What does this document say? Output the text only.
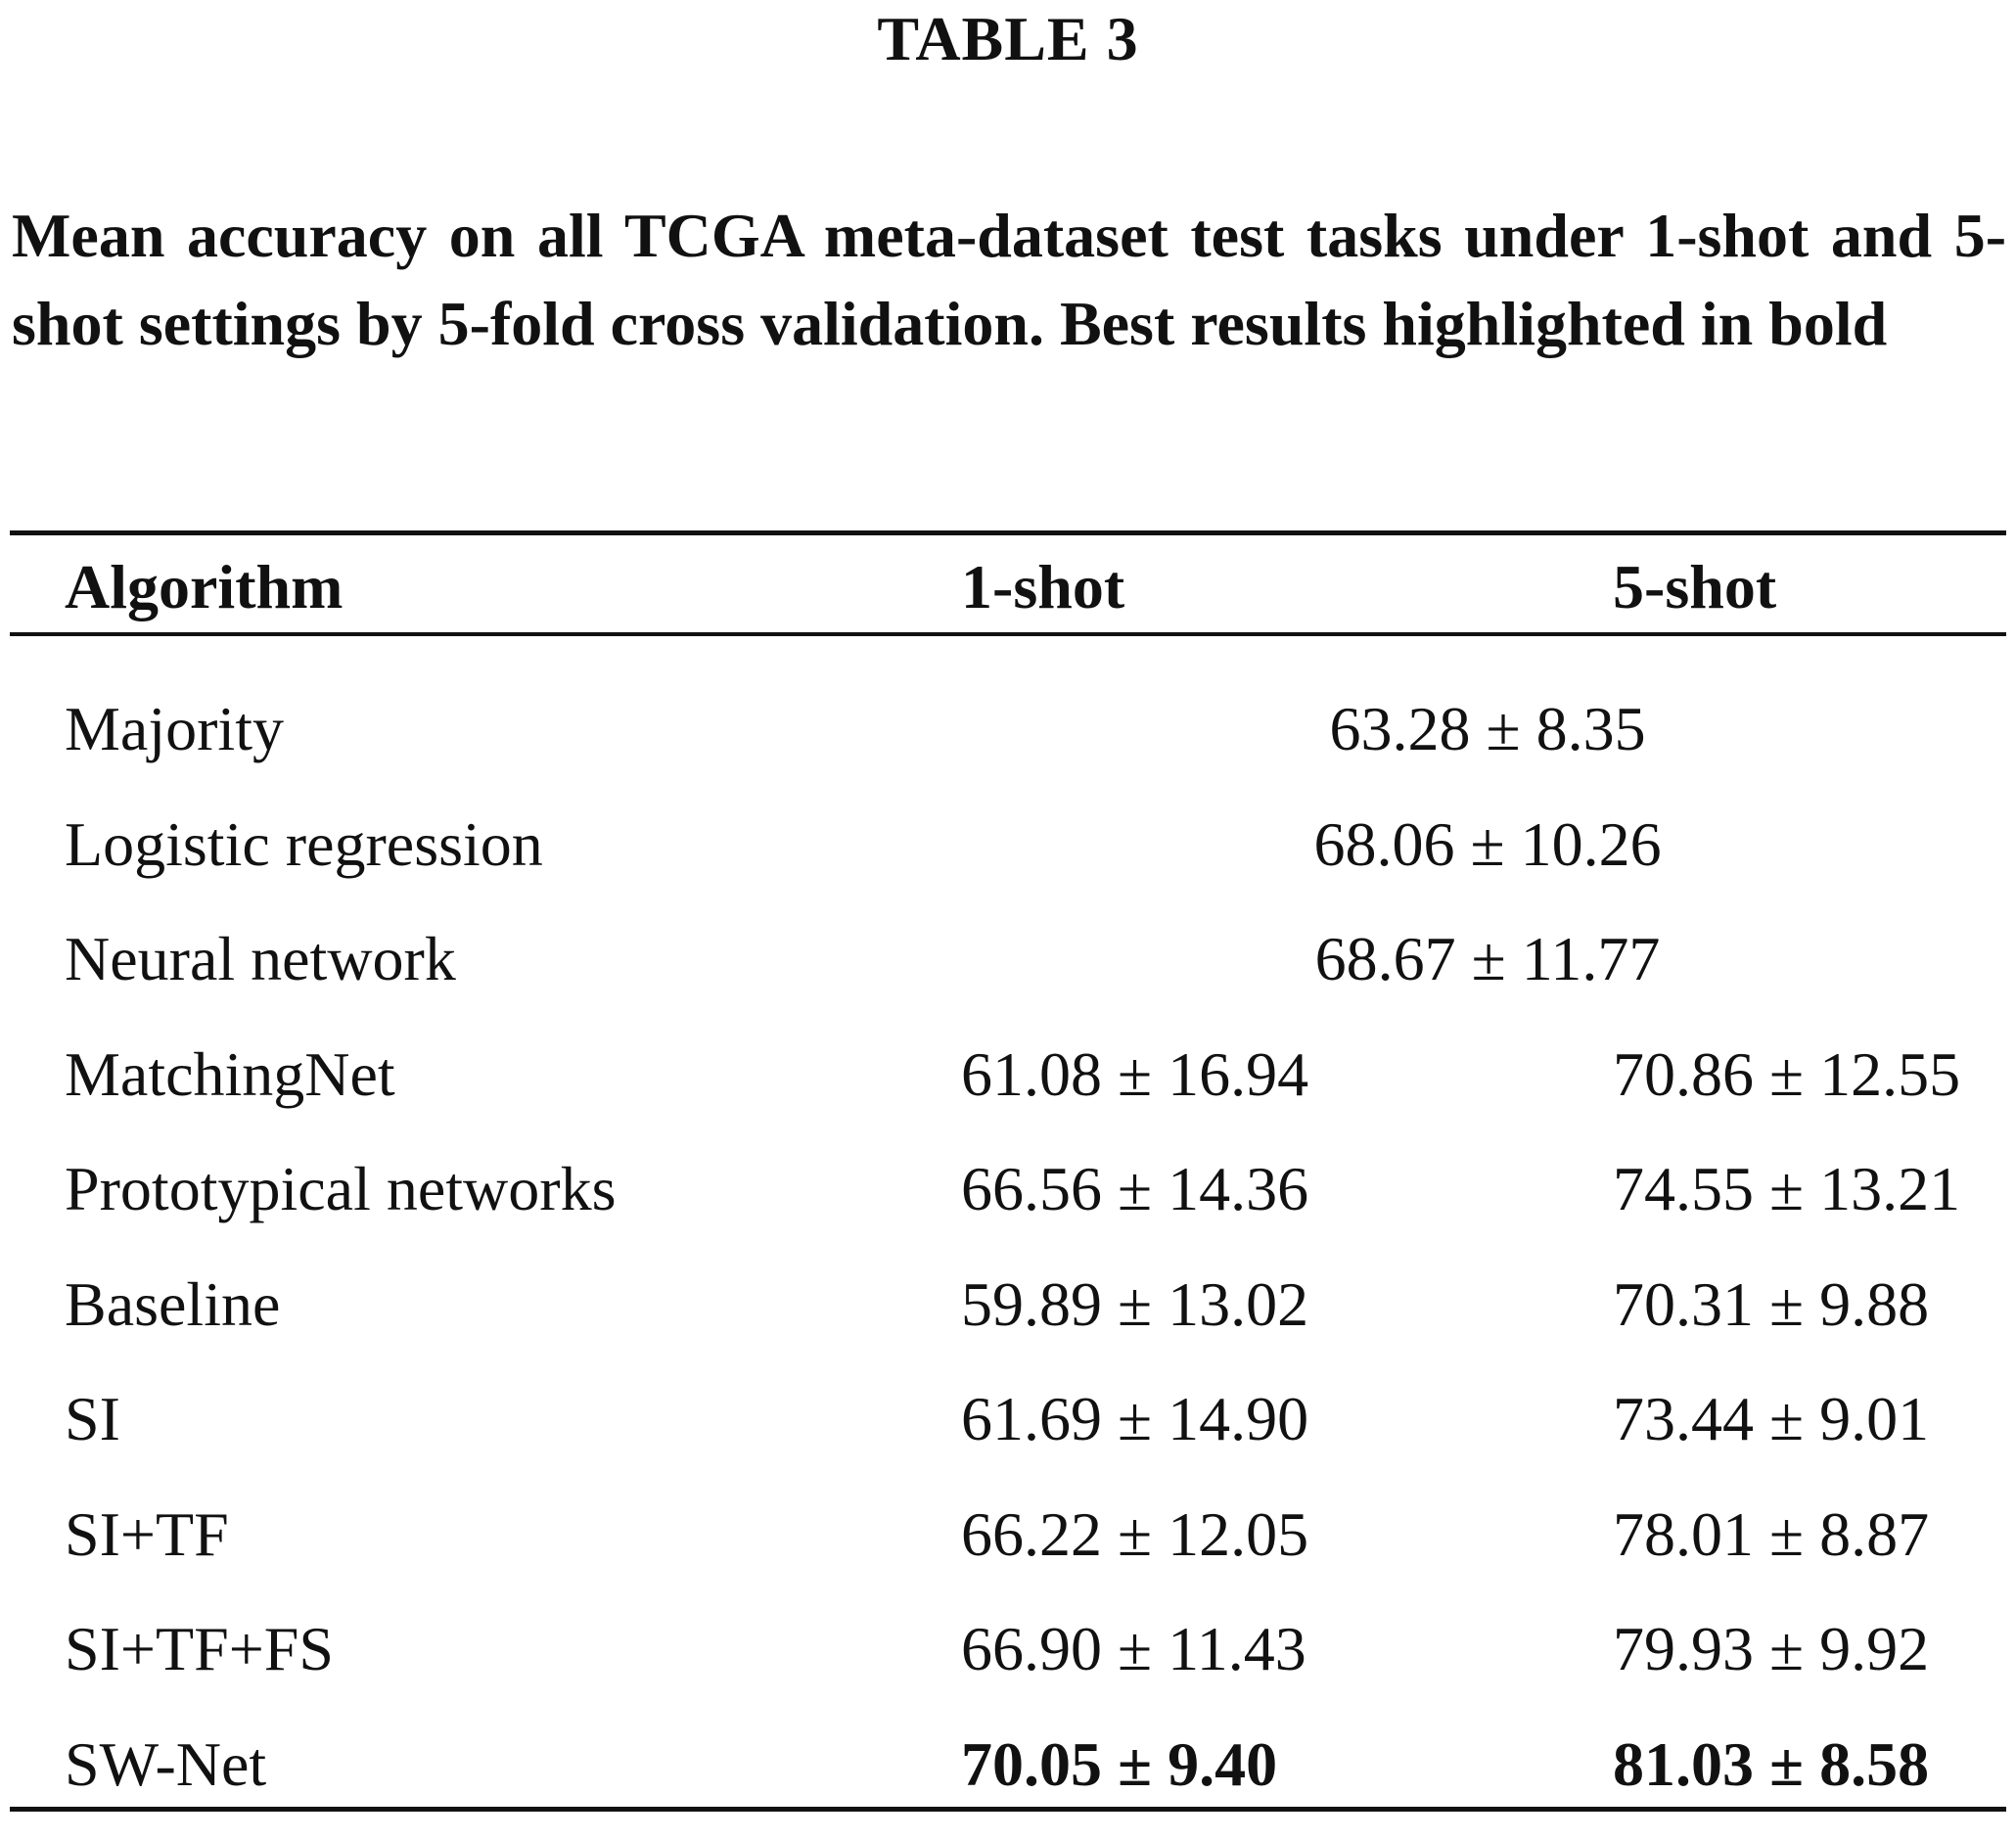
TABLE 3
Mean accuracy on all TCGA meta-dataset test tasks under 1-shot and 5-shot settings by 5-fold cross validation. Best results highlighted in bold
Algorithm	1-shot	5-shot
Majority	63.28 ± 8.35
Logistic regression	68.06 ± 10.26
Neural network	68.67 ± 11.77
MatchingNet	61.08 ± 16.94	70.86 ± 12.55
Prototypical networks	66.56 ± 14.36	74.55 ± 13.21
Baseline	59.89 ± 13.02	70.31 ± 9.88
SI	61.69 ± 14.90	73.44 ± 9.01
SI+TF	66.22 ± 12.05	78.01 ± 8.87
SI+TF+FS	66.90 ± 11.43	79.93 ± 9.92
SW-Net	70.05 ± 9.40	81.03 ± 8.58
